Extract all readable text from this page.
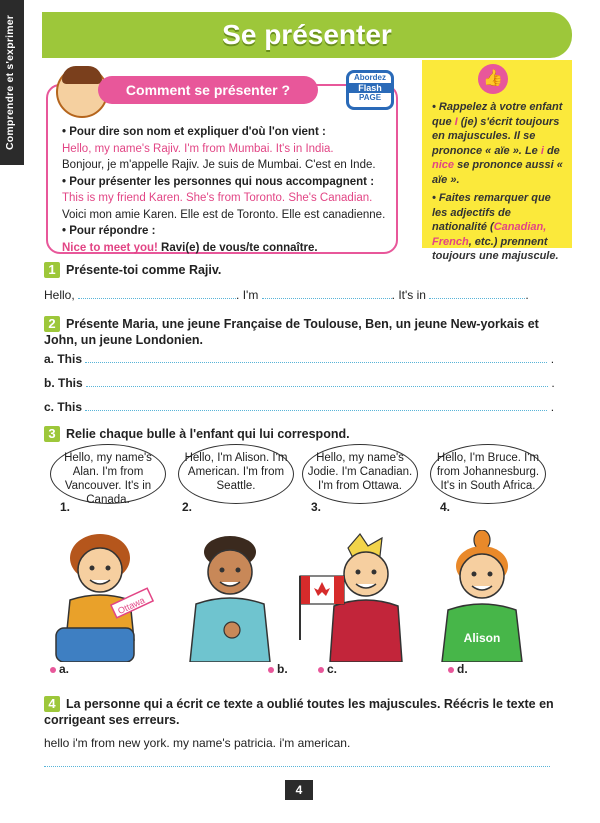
Comprendre et s'exprimer	Se présenter
Comment se présenter ?
Abordez
Flash
PAGE

• Pour dire son nom et expliquer d'où l'on vient :

Hello, my name's Rajiv. I'm from Mumbai. It's in India.

Bonjour, je m'appelle Rajiv. Je suis de Mumbai. C'est en Inde.

• Pour présenter les personnes qui nous accompagnent :

This is my friend Karen. She's from Toronto. She's Canadian.

Voici mon amie Karen. Elle est de Toronto. Elle est canadienne.

• Pour répondre :

Nice to meet you! Ravi(e) de vous/te connaître.

👍

• Rappelez à votre enfant que I (je) s'écrit toujours en majuscules. Il se prononce « aïe ». Le i de nice se prononce aussi « aïe ».

• Faites remarquer que les adjectifs de nationalité (Canadian, French, etc.) prennent toujours une majuscule.

1 Présente-toi comme Rajiv.
Hello,	. I'm	. It's in	.
2 Présente Maria, une jeune Française de Toulouse, Ben, un jeune New-yorkais et John, un jeune Londonien.
a. This	.
b. This	.
c. This	.
3 Relie chaque bulle à l'enfant qui lui correspond.
Hello, my name's Alan. I'm from Vancouver. It's in Canada.
Hello, I'm Alison. I'm American. I'm from Seattle.
Hello, my name's Jodie. I'm Canadian. I'm from Ottawa.
Hello, I'm Bruce. I'm from Johannesburg. It's in South Africa.
1.	2.	3.	4.
Ottawa
Alison
a.	b.	c.	d.
4 La personne qui a écrit ce texte a oublié toutes les majuscules. Réécris le texte en corrigeant ses erreurs.
hello i'm from new york. my name's patricia. i'm american.
4
